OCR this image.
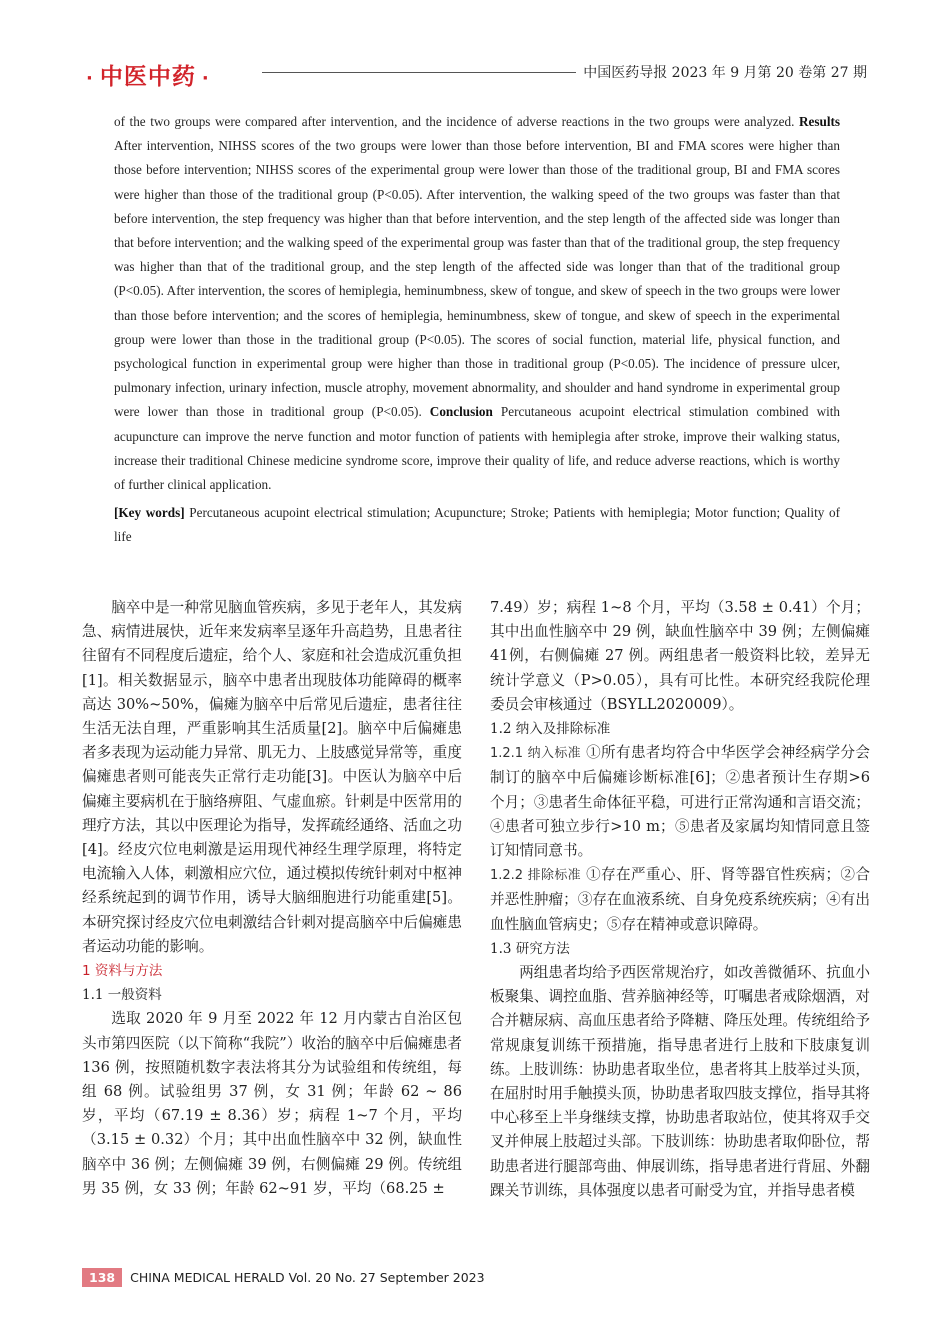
· 中医中药 ·	中国医药导报 2023 年 9 月第 20 卷第 27 期

of the two groups were compared after intervention, and the incidence of adverse reactions in the two groups were analyzed. Results After intervention, NIHSS scores of the two groups were lower than those before intervention, BI and FMA scores were higher than those before intervention; NIHSS scores of the experimental group were lower than those of the traditional group, BI and FMA scores were higher than those of the traditional group (P<0.05). After intervention, the walking speed of the two groups was faster than that before intervention, the step frequency was higher than that before intervention, and the step length of the affected side was longer than that before intervention; and the walking speed of the experimental group was faster than that of the traditional group, the step frequency was higher than that of the traditional group, and the step length of the affected side was longer than that of the traditional group (P<0.05). After intervention, the scores of hemiplegia, heminumbness, skew of tongue, and skew of speech in the two groups were lower than those before intervention; and the scores of hemiplegia, heminumbness, skew of tongue, and skew of speech in the experimental group were lower than those in the traditional group (P<0.05). The scores of social function, material life, physical function, and psychological function in experimental group were higher than those in traditional group (P<0.05). The incidence of pressure ulcer, pulmonary infection, urinary infection, muscle atrophy, movement abnormality, and shoulder and hand syndrome in experimental group were lower than those in traditional group (P<0.05). Conclusion Percutaneous acupoint electrical stimulation combined with acupuncture can improve the nerve function and motor function of patients with hemiplegia after stroke, improve their walking status, increase their traditional Chinese medicine syndrome score, improve their quality of life, and reduce adverse reactions, which is worthy of further clinical application.

[Key words] Percutaneous acupoint electrical stimulation; Acupuncture; Stroke; Patients with hemiplegia; Motor function; Quality of life

脑卒中是一种常见脑血管疾病，多见于老年人，其发病急、病情进展快，近年来发病率呈逐年升高趋势，且患者往往留有不同程度后遗症，给个人、家庭和社会造成沉重负担[1]。相关数据显示，脑卒中患者出现肢体功能障碍的概率高达 30%~50%，偏瘫为脑卒中后常见后遗症，患者往往生活无法自理，严重影响其生活质量[2]。脑卒中后偏瘫患者多表现为运动能力异常、肌无力、上肢感觉异常等，重度偏瘫患者则可能丧失正常行走功能[3]。中医认为脑卒中后偏瘫主要病机在于脑络痹阻、气虚血瘀。针刺是中医常用的理疗方法，其以中医理论为指导，发挥疏经通络、活血之功[4]。经皮穴位电刺激是运用现代神经生理学原理，将特定电流输入人体，刺激相应穴位，通过模拟传统针刺对中枢神经系统起到的调节作用，诱导大脑细胞进行功能重建[5]。本研究探讨经皮穴位电刺激结合针刺对提高脑卒中后偏瘫患者运动功能的影响。

1 资料与方法

1.1 一般资料

选取 2020 年 9 月至 2022 年 12 月内蒙古自治区包头市第四医院（以下简称“我院”）收治的脑卒中后偏瘫患者 136 例，按照随机数字表法将其分为试验组和传统组，每组 68 例。试验组男 37 例，女 31 例；年龄 62 ~ 86 岁，平均（67.19 ± 8.36）岁；病程 1~7 个月，平均（3.15 ± 0.32）个月；其中出血性脑卒中 32 例，缺血性脑卒中 36 例；左侧偏瘫 39 例，右侧偏瘫 29 例。传统组男 35 例，女 33 例；年龄 62~91 岁，平均（68.25 ±

7.49）岁；病程 1~8 个月，平均（3.58 ± 0.41）个月；其中出血性脑卒中 29 例，缺血性脑卒中 39 例；左侧偏瘫 41例，右侧偏瘫 27 例。两组患者一般资料比较，差异无统计学意义（P>0.05），具有可比性。本研究经我院伦理委员会审核通过（BSYLL2020009）。

1.2 纳入及排除标准

1.2.1 纳入标准 ①所有患者均符合中华医学会神经病学分会制订的脑卒中后偏瘫诊断标准[6]；②患者预计生存期>6 个月；③患者生命体征平稳，可进行正常沟通和言语交流；④患者可独立步行>10 m；⑤患者及家属均知情同意且签订知情同意书。

1.2.2 排除标准 ①存在严重心、肝、肾等器官性疾病；②合并恶性肿瘤；③存在血液系统、自身免疫系统疾病；④有出血性脑血管病史；⑤存在精神或意识障碍。

1.3 研究方法

两组患者均给予西医常规治疗，如改善微循环、抗血小板聚集、调控血脂、营养脑神经等，叮嘱患者戒除烟酒，对合并糖尿病、高血压患者给予降糖、降压处理。传统组给予常规康复训练干预措施，指导患者进行上肢和下肢康复训练。上肢训练：协助患者取坐位，患者将其上肢举过头顶，在屈肘时用手触摸头顶，协助患者取四肢支撑位，指导其将中心移至上半身继续支撑，协助患者取站位，使其将双手交叉并伸展上肢超过头部。下肢训练：协助患者取仰卧位，帮助患者进行腿部弯曲、伸展训练，指导患者进行背屈、外翻踝关节训练，具体强度以患者可耐受为宜，并指导患者模

138 CHINA MEDICAL HERALD Vol. 20 No. 27 September 2023
